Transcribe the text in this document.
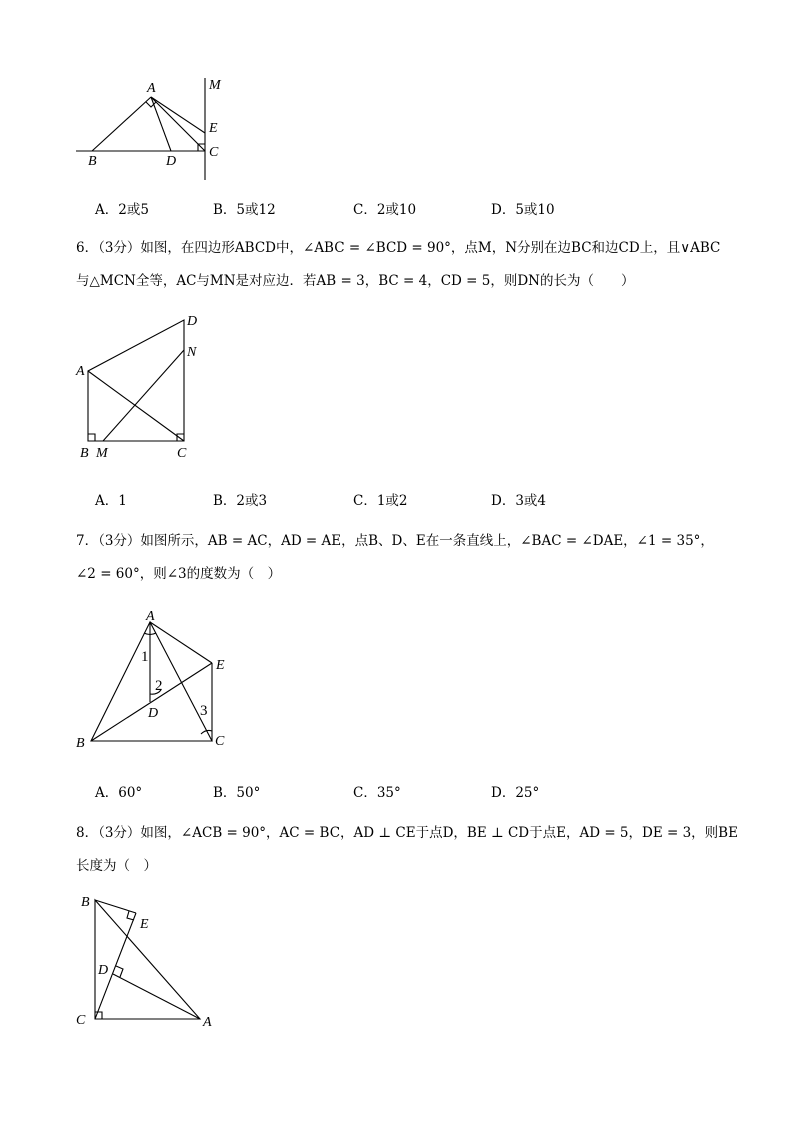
A
B	D
C
E
M
A．2或5	B．5或12	C．2或10	D．5或10

6．（3分）如图，在四边形ABCD中，∠ABC = ∠BCD = 90°，点M，N分别在边BC和边CD上，且∨ABC

与△MCN全等，AC与MN是对应边．若AB = 3，BC = 4，CD = 5，则DN的长为（　　）

A
B M	C
D
N
A．1	B．2或3	C．1或2	D．3或4

7．（3分）如图所示，AB = AC，AD = AE，点B、D、E在一条直线上，∠BAC = ∠DAE，∠1 = 35°，

∠2 = 60°，则∠3的度数为（　）

A
B	C
D
E
1
2
3
A．60°	B．50°	C．35°	D．25°

8．（3分）如图，∠ACB = 90°，AC = BC，AD ⊥ CE于点D，BE ⊥ CD于点E，AD = 5，DE = 3，则BE

长度为（　）

B
E
D
C	A
